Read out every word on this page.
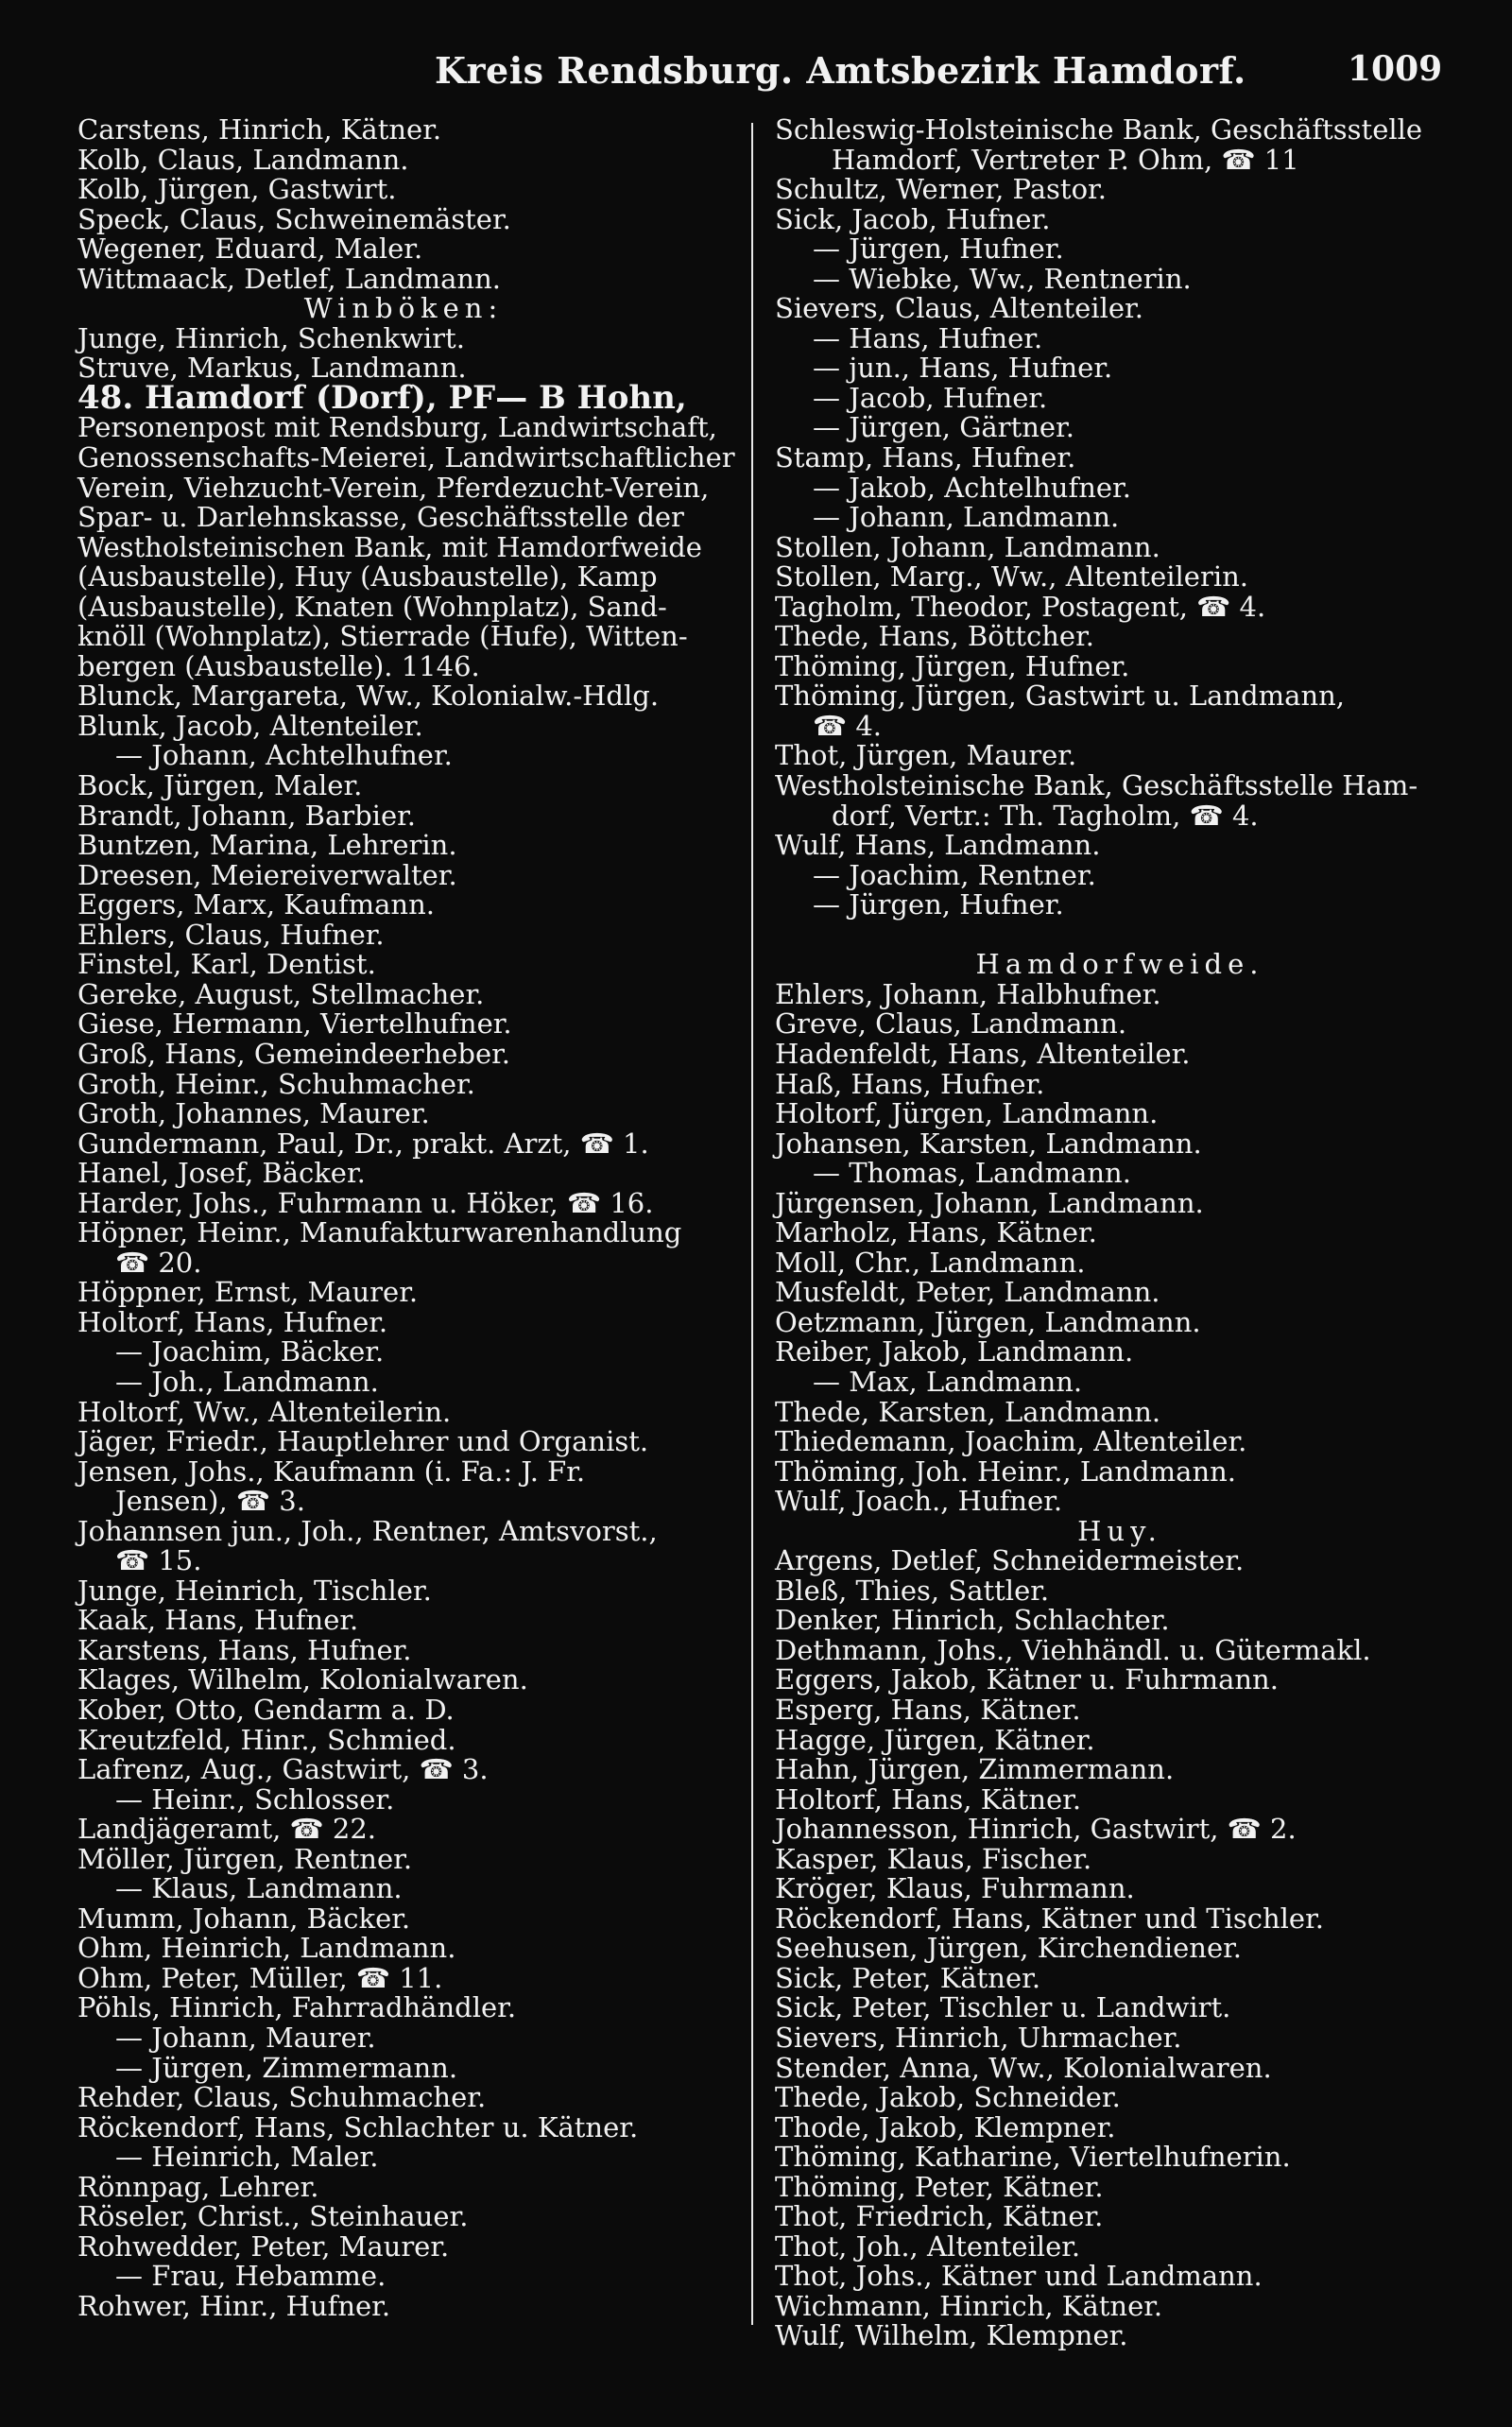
Kreis Rendsburg. Amtsbezirk Hamdorf.	1009
Carstens, Hinrich, Kätner.
Kolb, Claus, Landmann.
Kolb, Jürgen, Gastwirt.
Speck, Claus, Schweinemäster.
Wegener, Eduard, Maler.
Wittmaack, Detlef, Landmann.
Winböken:
Junge, Hinrich, Schenkwirt.
Struve, Markus, Landmann.
48. Hamdorf (Dorf), PF— B Hohn,
Personenpost mit Rendsburg, Landwirtschaft,
Genossenschafts-Meierei, Landwirtschaftlicher
Verein, Viehzucht-Verein, Pferdezucht-Verein,
Spar- u. Darlehnskasse, Geschäftsstelle der
Westholsteinischen Bank, mit Hamdorfweide
(Ausbaustelle), Huy (Ausbaustelle), Kamp
(Ausbaustelle), Knaten (Wohnplatz), Sand-
knöll (Wohnplatz), Stierrade (Hufe), Witten-
bergen (Ausbaustelle). 1146.
Blunck, Margareta, Ww., Kolonialw.-Hdlg.
Blunk, Jacob, Altenteiler.
— Johann, Achtelhufner.
Bock, Jürgen, Maler.
Brandt, Johann, Barbier.
Buntzen, Marina, Lehrerin.
Dreesen, Meiereiverwalter.
Eggers, Marx, Kaufmann.
Ehlers, Claus, Hufner.
Finstel, Karl, Dentist.
Gereke, August, Stellmacher.
Giese, Hermann, Viertelhufner.
Groß, Hans, Gemeindeerheber.
Groth, Heinr., Schuhmacher.
Groth, Johannes, Maurer.
Gundermann, Paul, Dr., prakt. Arzt, ☎ 1.
Hanel, Josef, Bäcker.
Harder, Johs., Fuhrmann u. Höker, ☎ 16.
Höpner, Heinr., Manufakturwarenhandlung
☎ 20.
Höppner, Ernst, Maurer.
Holtorf, Hans, Hufner.
— Joachim, Bäcker.
— Joh., Landmann.
Holtorf, Ww., Altenteilerin.
Jäger, Friedr., Hauptlehrer und Organist.
Jensen, Johs., Kaufmann (i. Fa.: J. Fr.
Jensen), ☎ 3.
Johannsen jun., Joh., Rentner, Amtsvorst.,
☎ 15.
Junge, Heinrich, Tischler.
Kaak, Hans, Hufner.
Karstens, Hans, Hufner.
Klages, Wilhelm, Kolonialwaren.
Kober, Otto, Gendarm a. D.
Kreutzfeld, Hinr., Schmied.
Lafrenz, Aug., Gastwirt, ☎ 3.
— Heinr., Schlosser.
Landjägeramt, ☎ 22.
Möller, Jürgen, Rentner.
— Klaus, Landmann.
Mumm, Johann, Bäcker.
Ohm, Heinrich, Landmann.
Ohm, Peter, Müller, ☎ 11.
Pöhls, Hinrich, Fahrradhändler.
— Johann, Maurer.
— Jürgen, Zimmermann.
Rehder, Claus, Schuhmacher.
Röckendorf, Hans, Schlachter u. Kätner.
— Heinrich, Maler.
Rönnpag, Lehrer.
Röseler, Christ., Steinhauer.
Rohwedder, Peter, Maurer.
— Frau, Hebamme.
Rohwer, Hinr., Hufner.
Schleswig-Holsteinische Bank, Geschäftsstelle
Hamdorf, Vertreter P. Ohm, ☎ 11
Schultz, Werner, Pastor.
Sick, Jacob, Hufner.
— Jürgen, Hufner.
— Wiebke, Ww., Rentnerin.
Sievers, Claus, Altenteiler.
— Hans, Hufner.
— jun., Hans, Hufner.
— Jacob, Hufner.
— Jürgen, Gärtner.
Stamp, Hans, Hufner.
— Jakob, Achtelhufner.
— Johann, Landmann.
Stollen, Johann, Landmann.
Stollen, Marg., Ww., Altenteilerin.
Tagholm, Theodor, Postagent, ☎ 4.
Thede, Hans, Böttcher.
Thöming, Jürgen, Hufner.
Thöming, Jürgen, Gastwirt u. Landmann,
☎ 4.
Thot, Jürgen, Maurer.
Westholsteinische Bank, Geschäftsstelle Ham-
dorf, Vertr.: Th. Tagholm, ☎ 4.
Wulf, Hans, Landmann.
— Joachim, Rentner.
— Jürgen, Hufner.
Hamdorfweide.
Ehlers, Johann, Halbhufner.
Greve, Claus, Landmann.
Hadenfeldt, Hans, Altenteiler.
Haß, Hans, Hufner.
Holtorf, Jürgen, Landmann.
Johansen, Karsten, Landmann.
— Thomas, Landmann.
Jürgensen, Johann, Landmann.
Marholz, Hans, Kätner.
Moll, Chr., Landmann.
Musfeldt, Peter, Landmann.
Oetzmann, Jürgen, Landmann.
Reiber, Jakob, Landmann.
— Max, Landmann.
Thede, Karsten, Landmann.
Thiedemann, Joachim, Altenteiler.
Thöming, Joh. Heinr., Landmann.
Wulf, Joach., Hufner.
Huy.
Argens, Detlef, Schneidermeister.
Bleß, Thies, Sattler.
Denker, Hinrich, Schlachter.
Dethmann, Johs., Viehhändl. u. Gütermakl.
Eggers, Jakob, Kätner u. Fuhrmann.
Esperg, Hans, Kätner.
Hagge, Jürgen, Kätner.
Hahn, Jürgen, Zimmermann.
Holtorf, Hans, Kätner.
Johannesson, Hinrich, Gastwirt, ☎ 2.
Kasper, Klaus, Fischer.
Kröger, Klaus, Fuhrmann.
Röckendorf, Hans, Kätner und Tischler.
Seehusen, Jürgen, Kirchendiener.
Sick, Peter, Kätner.
Sick, Peter, Tischler u. Landwirt.
Sievers, Hinrich, Uhrmacher.
Stender, Anna, Ww., Kolonialwaren.
Thede, Jakob, Schneider.
Thode, Jakob, Klempner.
Thöming, Katharine, Viertelhufnerin.
Thöming, Peter, Kätner.
Thot, Friedrich, Kätner.
Thot, Joh., Altenteiler.
Thot, Johs., Kätner und Landmann.
Wichmann, Hinrich, Kätner.
Wulf, Wilhelm, Klempner.
